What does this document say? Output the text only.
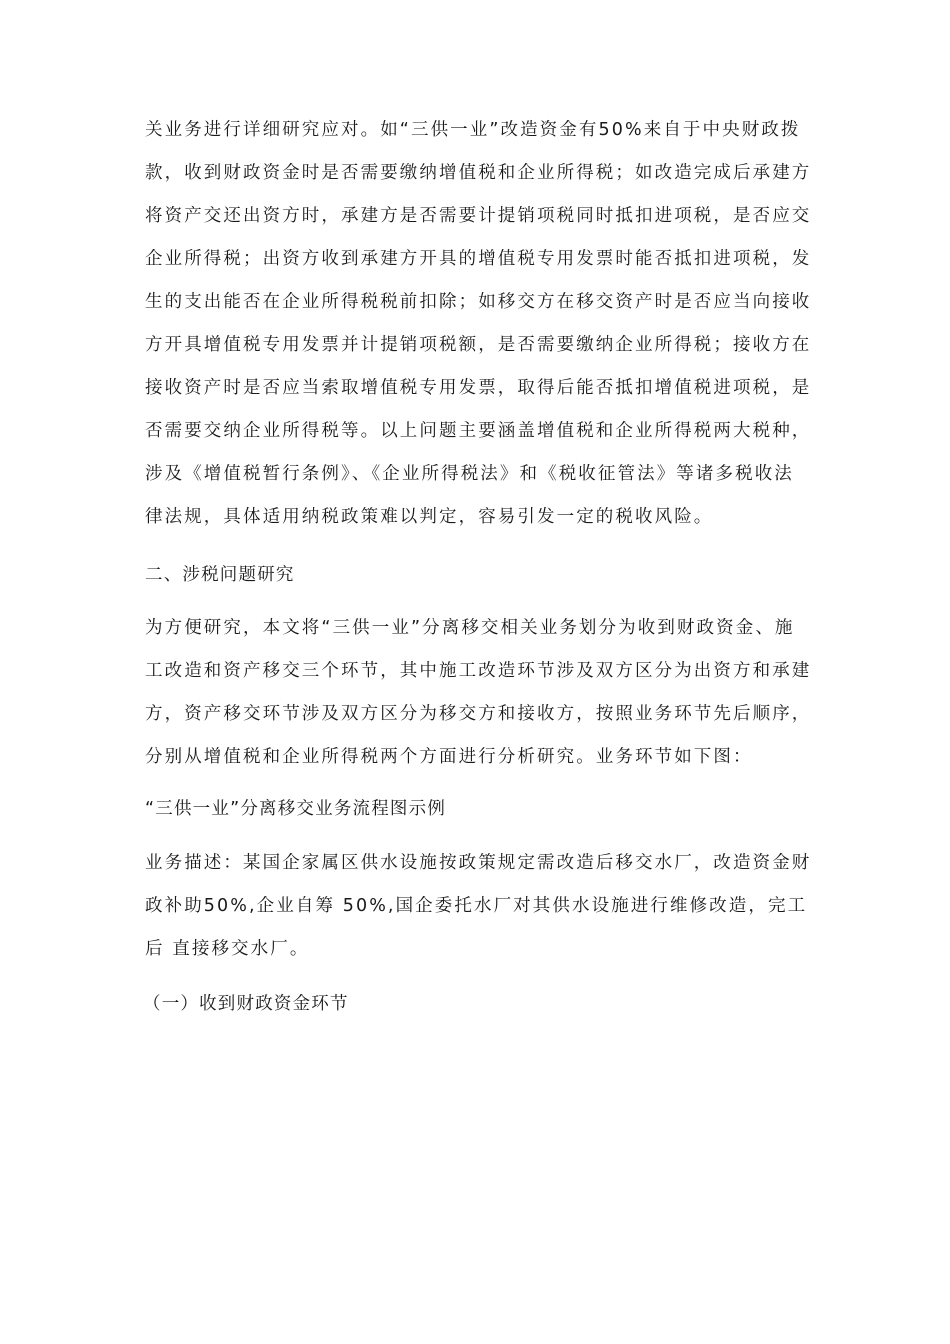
关业务进行详细研究应对。如“三供一业”改造资金有50%来自于中央财政拨
款，收到财政资金时是否需要缴纳增值税和企业所得税；如改造完成后承建方
将资产交还出资方时，承建方是否需要计提销项税同时抵扣进项税，是否应交
企业所得税；出资方收到承建方开具的增值税专用发票时能否抵扣进项税，发
生的支出能否在企业所得税税前扣除；如移交方在移交资产时是否应当向接收
方开具增值税专用发票并计提销项税额，是否需要缴纳企业所得税；接收方在
接收资产时是否应当索取增值税专用发票，取得后能否抵扣增值税进项税，是
否需要交纳企业所得税等。以上问题主要涵盖增值税和企业所得税两大税种，
涉及《增值税暂行条例》、《企业所得税法》和《税收征管法》等诸多税收法
律法规，具体适用纳税政策难以判定，容易引发一定的税收风险。
二、涉税问题研究
为方便研究，本文将“三供一业”分离移交相关业务划分为收到财政资金、施
工改造和资产移交三个环节，其中施工改造环节涉及双方区分为出资方和承建
方，资产移交环节涉及双方区分为移交方和接收方，按照业务环节先后顺序，
分别从增值税和企业所得税两个方面进行分析研究。业务环节如下图：
“三供一业”分离移交业务流程图示例
业务描述：某国企家属区供水设施按政策规定需改造后移交水厂，改造资金财
政补助50%,企业自筹 50%,国企委托水厂对其供水设施进行维修改造，完工
后 直接移交水厂。
（一）收到财政资金环节
